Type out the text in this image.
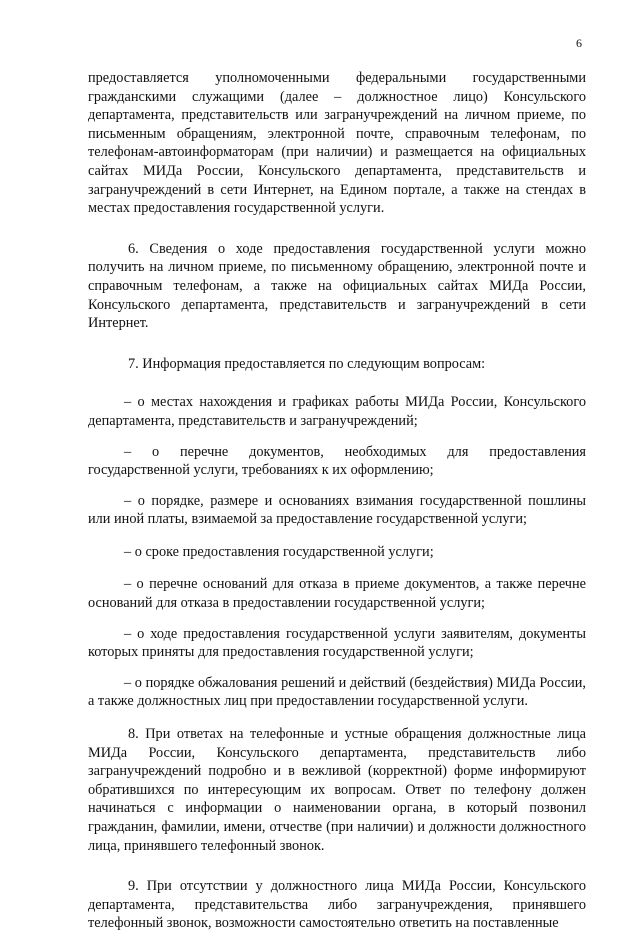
6

предоставляется уполномоченными федеральными государственными гражданскими служащими (далее – должностное лицо) Консульского департамента, представительств или загранучреждений на личном приеме, по письменным обращениям, электронной почте, справочным телефонам, по телефонам-автоинформаторам (при наличии) и размещается на официальных сайтах МИДа России, Консульского департамента, представительств и загранучреждений в сети Интернет, на Едином портале, а также на стендах в местах предоставления государственной услуги.

6. Сведения о ходе предоставления государственной услуги можно получить на личном приеме, по письменному обращению, электронной почте и справочным телефонам, а также на официальных сайтах МИДа России, Консульского департамента, представительств и загранучреждений в сети Интернет.

7. Информация предоставляется по следующим вопросам:

– о местах нахождения и графиках работы МИДа России, Консульского департамента, представительств и загранучреждений;

– о перечне документов, необходимых для предоставления государственной услуги, требованиях к их оформлению;

– о порядке, размере и основаниях взимания государственной пошлины или иной платы, взимаемой за предоставление государственной услуги;

– о сроке предоставления государственной услуги;

– о перечне оснований для отказа в приеме документов, а также перечне оснований для отказа в предоставлении государственной услуги;

– о ходе предоставления государственной услуги заявителям, документы которых приняты для предоставления государственной услуги;

– о порядке обжалования решений и действий (бездействия) МИДа России, а также должностных лиц при предоставлении государственной услуги.

8. При ответах на телефонные и устные обращения должностные лица МИДа России, Консульского департамента, представительств либо загранучреждений подробно и в вежливой (корректной) форме информируют обратившихся по интересующим их вопросам. Ответ по телефону должен начинаться с информации о наименовании органа, в который позвонил гражданин, фамилии, имени, отчестве (при наличии) и должности должностного лица, принявшего телефонный звонок.

9. При отсутствии у должностного лица МИДа России, Консульского департамента, представительства либо загранучреждения, принявшего телефонный звонок, возможности самостоятельно ответить на поставленные
